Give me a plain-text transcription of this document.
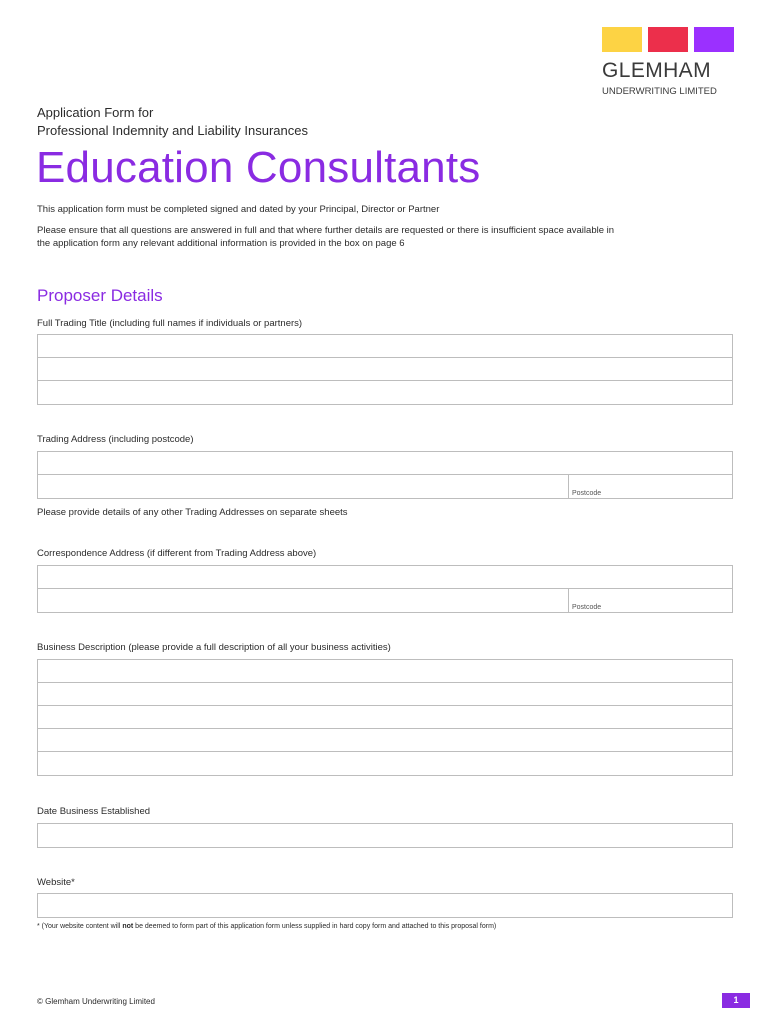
GLEMHAM
UNDERWRITING LIMITED
Application Form for
Professional Indemnity and Liability Insurances
Education Consultants
This application form must be completed signed and dated by your Principal, Director or Partner
Please ensure that all questions are answered in full and that where further details are requested or there is insufficient space available in
the application form any relevant additional information is provided in the box on page 6
Proposer Details
Full Trading Title (including full names if individuals or partners)
Trading Address (including postcode)
Postcode
Please provide details of any other Trading Addresses on separate sheets
Correspondence Address (if different from Trading Address above)
Postcode
Business Description (please provide a full description of all your business activities)
Date Business Established
Website*
* (Your website content will not be deemed to form part of this application form unless supplied in hard copy form and attached to this proposal form)
© Glemham Underwriting Limited	1
